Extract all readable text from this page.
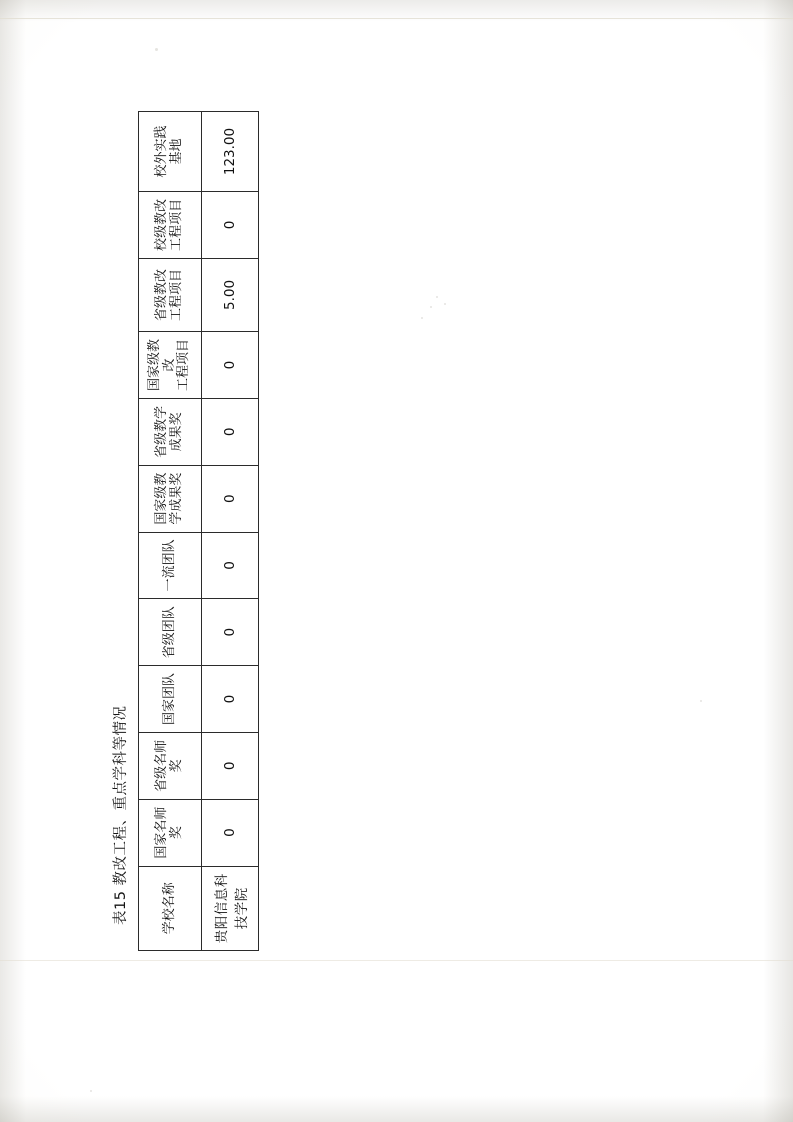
表15 教改工程、重点学科等情况	学校名称	国家名师奖	省级名师奖	国家团队	省级团队	一流团队	国家级教 学成果奖	省级教学 成果奖	国家级教改 工程项目	省级教改 工程项目	校级教改 工程项目	校外实践 基地

贵阳信息科技学院	0	0	0	0	0	0	0	0	5.00	0	123.00
